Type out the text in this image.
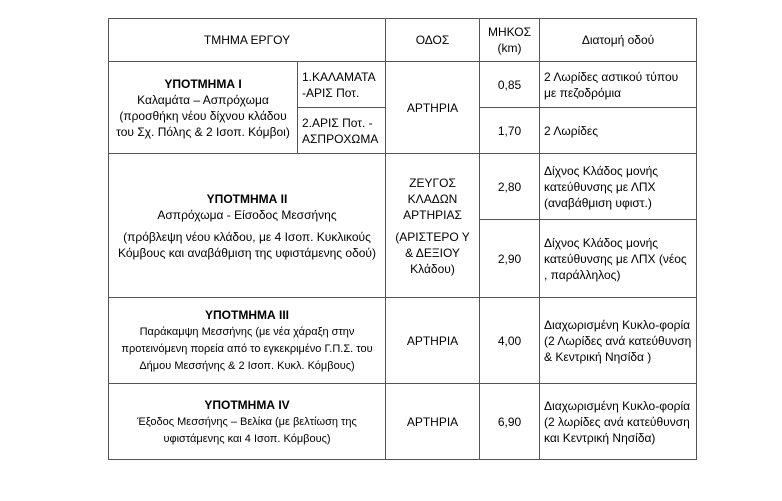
ΤΜΗΜΑ ΕΡΓΟΥ		ΟΔΟΣ	ΜΗΚΟΣ
(km)	Διατομή οδού
ΥΠΟΤΜΗΜΑ Ι
Καλαμάτα – Ασπρόχωμα
(προσθήκη νέου δίχνου κλάδου του Σχ. Πόλης & 2 Ισοπ. Κόμβοι)	1.ΚΑΛΑΜΑΤΑ -ΑΡΙΣ Ποτ.	ΑΡΤΗΡΙΑ	0,85	2 Λωρίδες αστικού τύπου με πεζοδρόμια
	2.ΑΡΙΣ Ποτ. - ΑΣΠΡΟΧΩΜΑ		1,70	2 Λωρίδες
ΥΠΟΤΜΗΜΑ ΙΙ
Ασπρόχωμα - Είσοδος Μεσσήνης
(πρόβλεψη νέου κλάδου, με 4 Ισοπ. Κυκλικούς Κόμβους και αναβάθμιση της υφιστάμενης οδού)		ΖΕΥΓΟΣ ΚΛΑΔΩΝ ΑΡΤΗΡΙΑΣ
(ΑΡΙΣΤΕΡΟ Υ & ΔΕΞΙΟΥ Κλάδου)	2,80	Δίχνος Κλάδος μονής κατεύθυνσης με ΛΠΧ (αναβάθμιση υφιστ.)
			2,90	Δίχνος Κλάδος μονής κατεύθυνσης με ΛΠΧ (νέος , παράλληλος)
ΥΠΟΤΜΗΜΑ ΙΙΙ
Παράκαμψη Μεσσήνης (με νέα χάραξη στην προτεινόμενη πορεία από το εγκεκριμένο Γ.Π.Σ. του Δήμου Μεσσήνης & 2 Ισοπ. Κυκλ. Κόμβους)		ΑΡΤΗΡΙΑ	4,00	Διαχωρισμένη Κυκλο-φορία (2 Λωρίδες ανά κατεύθυνση & Κεντρική Νησίδα )
ΥΠΟΤΜΗΜΑ ΙV
Έξοδος Μεσσήνης – Βελίκα (με βελτίωση της υφιστάμενης και 4 Ισοπ. Κόμβους)		ΑΡΤΗΡΙΑ	6,90	Διαχωρισμένη Κυκλο-φορία (2 λωρίδες ανά κατεύθυνση και Κεντρική Νησίδα)
